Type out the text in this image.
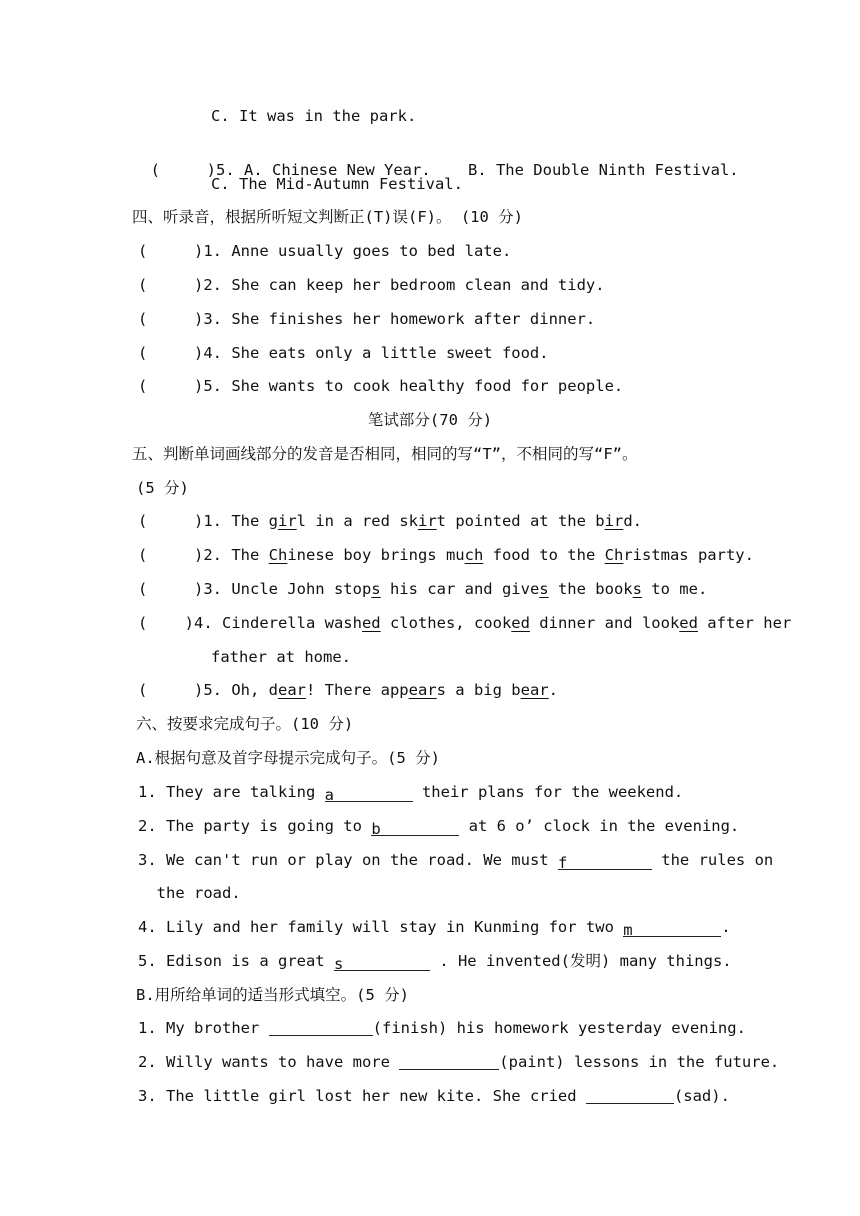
C. It was in the park.

(     )5. A. Chinese New Year. B. The Double Ninth Festival.

C. The Mid-Autumn Festival.
四、听录音，根据所听短文判断正(T)误(F)。 (10 分)
(     )1. Anne usually goes to bed late.
(     )2. She can keep her bedroom clean and tidy.
(     )3. She finishes her homework after dinner.
(     )4. She eats only a little sweet food.
(     )5. She wants to cook healthy food for people.
笔试部分(70 分)
五、判断单词画线部分的发音是否相同，相同的写“T”，不相同的写“F”。
(5 分)
(     )1. The girl in a red skirt pointed at the bird.
(     )2. The Chinese boy brings much food to the Christmas party.
(     )3. Uncle John stops his car and gives the books to me.
(    )4. Cinderella washed clothes, cooked dinner and looked after her
father at home.
(     )5. Oh, dear! There appears a big bear.
六、按要求完成句子。(10 分)
A.根据句意及首字母提示完成句子。(5 分)
1. They are talking a	their plans for the weekend.
2. The party is going to b	at 6 o’ clock in the evening.
3. We can't run or play on the road. We must f	the rules on
the road.
4. Lily and her family will stay in Kunming for two m	.
5. Edison is a great s	. He invented(发明) many things.
B.用所给单词的适当形式填空。(5 分)
1. My brother	(finish) his homework yesterday evening.
2. Willy wants to have more	(paint) lessons in the future.
3. The little girl lost her new kite. She cried	(sad).
